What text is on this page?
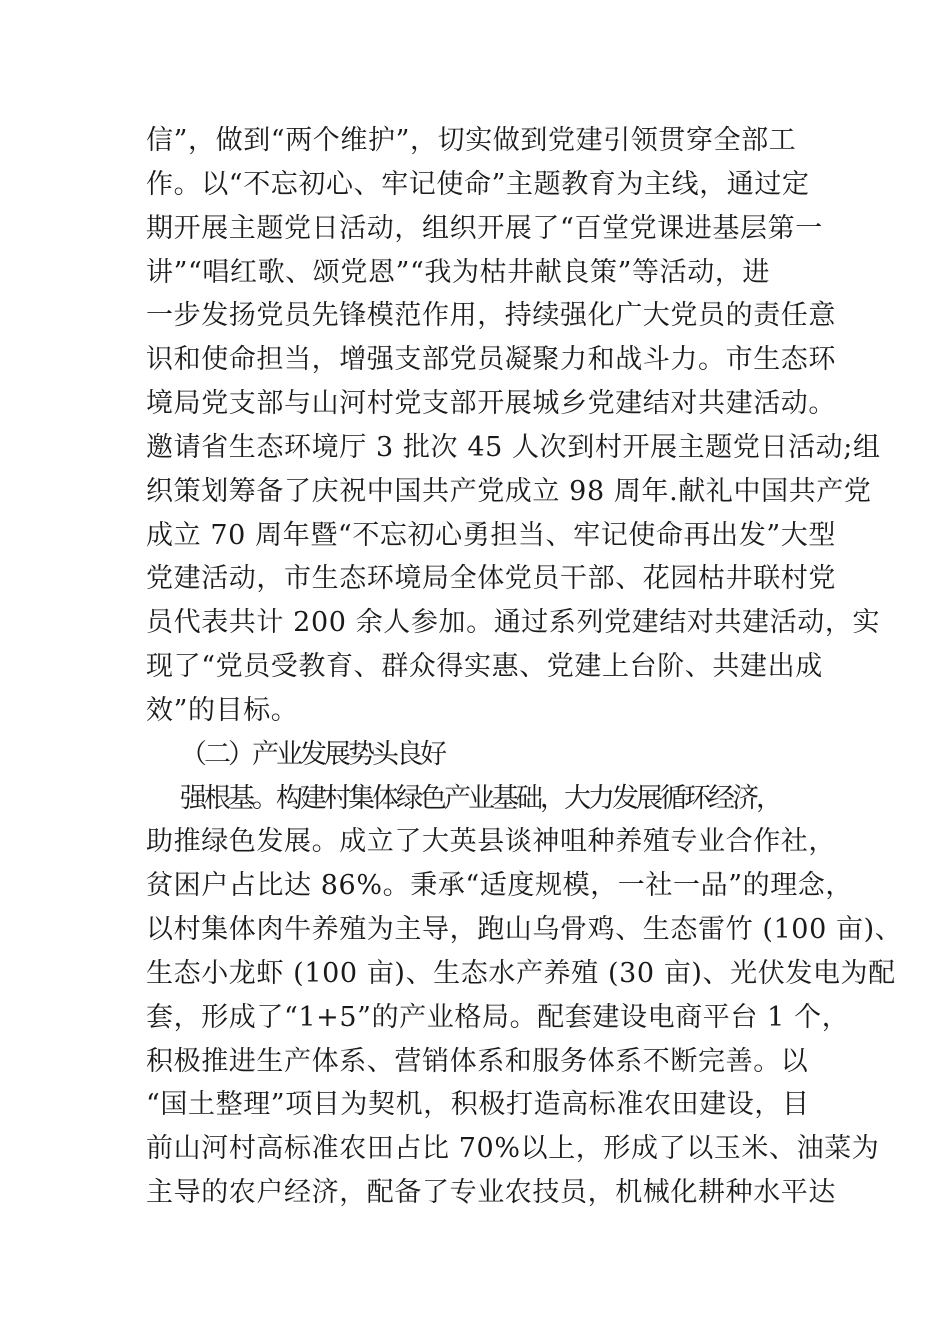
信”，做到“两个维护”，切实做到党建引领贯穿全部工
作。以“不忘初心、牢记使命”主题教育为主线，通过定
期开展主题党日活动，组织开展了“百堂党课进基层第一
讲”“唱红歌、颂党恩”“我为枯井献良策”等活动，进
一步发扬党员先锋模范作用，持续强化广大党员的责任意
识和使命担当，增强支部党员凝聚力和战斗力。市生态环
境局党支部与山河村党支部开展城乡党建结对共建活动。
邀请省生态环境厅 3 批次 45 人次到村开展主题党日活动;组
织策划筹备了庆祝中国共产党成立 98 周年.献礼中国共产党
成立 70 周年暨“不忘初心勇担当、牢记使命再出发”大型
党建活动，市生态环境局全体党员干部、花园枯井联村党
员代表共计 200 余人参加。通过系列党建结对共建活动，实
现了“党员受教育、群众得实惠、党建上台阶、共建出成
效”的目标。
（二）产业发展势头良好
强根基。构建村集体绿色产业基础，大力发展循环经济，
助推绿色发展。成立了大英县谈神咀种养殖专业合作社，
贫困户占比达 86%。秉承“适度规模，一社一品”的理念，
以村集体肉牛养殖为主导，跑山乌骨鸡、生态雷竹 (100 亩)、
生态小龙虾 (100 亩)、生态水产养殖 (30 亩)、光伏发电为配
套，形成了“1+5”的产业格局。配套建设电商平台 1 个，
积极推进生产体系、营销体系和服务体系不断完善。以
“国土整理”项目为契机，积极打造高标准农田建设，目
前山河村高标准农田占比 70%以上，形成了以玉米、油菜为
主导的农户经济，配备了专业农技员，机械化耕种水平达
